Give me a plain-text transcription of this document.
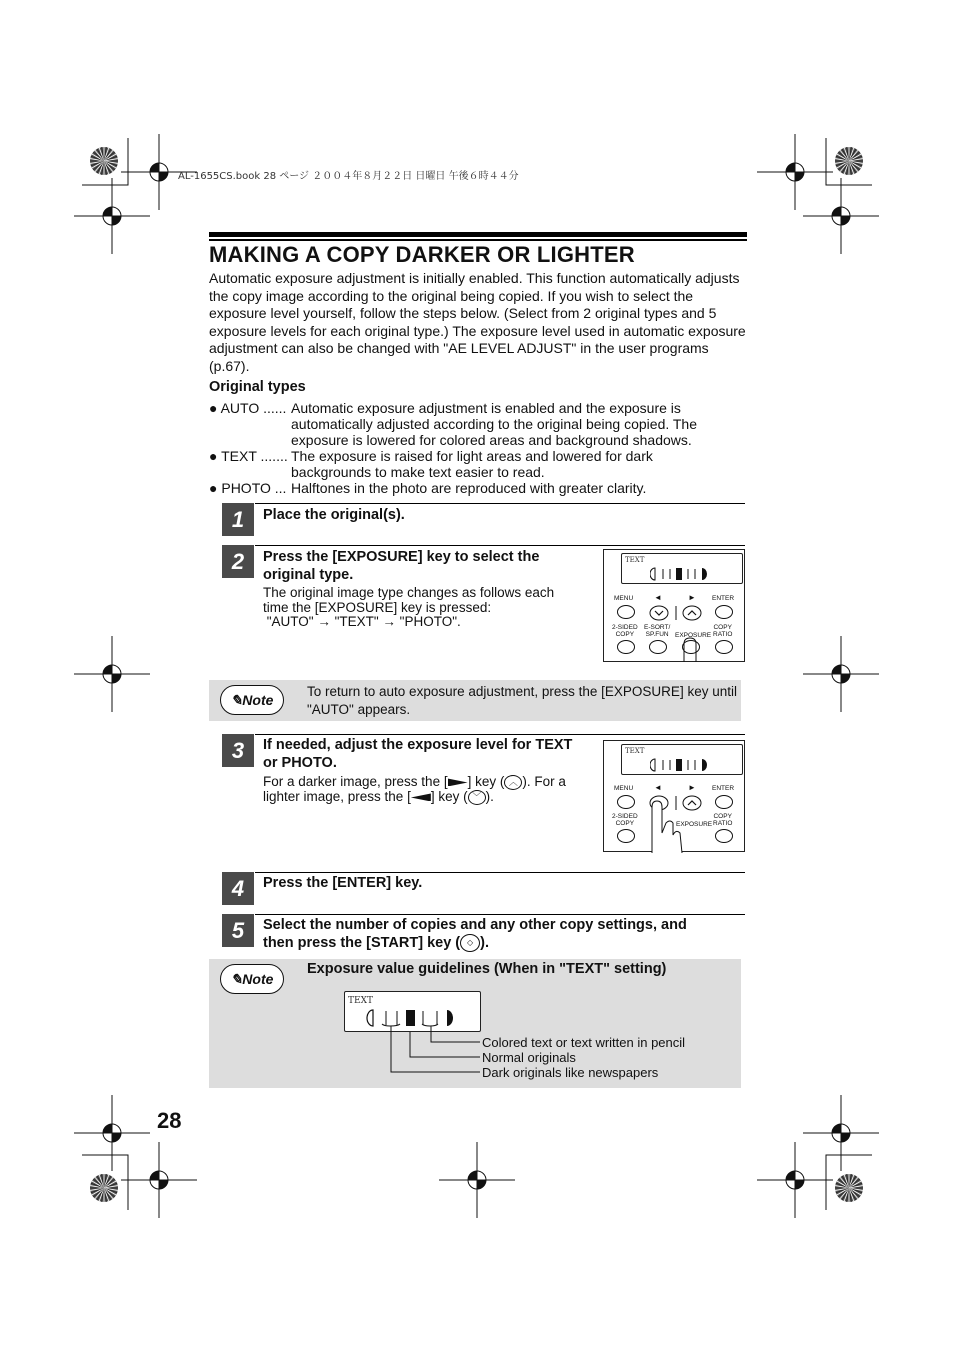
AL-1655CS.book 28 ページ ２００４年８月２２日 日曜日 午後６時４４分
MAKING A COPY DARKER OR LIGHTER
Automatic exposure adjustment is initially enabled. This function automatically adjusts the copy image according to the original being copied. If you wish to select the exposure level yourself, follow the steps below. (Select from 2 original types and 5 exposure levels for each original type.) The exposure level used in automatic exposure adjustment can also be changed with "AE LEVEL ADJUST" in the user programs (p.67).
Original types
● AUTO ...... Automatic exposure adjustment is enabled and the exposure is
automatically adjusted according to the original being copied. The
exposure is lowered for colored areas and background shadows.
● TEXT ....... The exposure is raised for light areas and lowered for dark
backgrounds to make text easier to read.
● PHOTO ... Halftones in the photo are reproduced with greater clarity.
1	Place the original(s).
2	Press the [EXPOSURE] key to select the original type.
The original image type changes as follows each
time the [EXPOSURE] key is pressed:
"AUTO" → "TEXT" → "PHOTO".
TEXT
MENU	◄	► ENTER
2-SIDED
COPY
E-SORT/
SP.FUN EXPOSURE
COPY
RATIO
✎ Note
To return to auto exposure adjustment, press the [EXPOSURE] key until "AUTO" appears.
3	If needed, adjust the exposure level for TEXT or PHOTO.
For a darker image, press the [ ] key ( ︿ ). For a
lighter image, press the [ ] key ( ﹀ ).
TEXT
MENU	◄	► ENTER
2-SIDED
COPY	EXPOSURE
COPY
RATIO
4	Press the [ENTER] key.
5	Select the number of copies and any other copy settings, and
then press the [START] key ( ◇ ).
✎ Note
Exposure value guidelines (When in "TEXT" setting)
TEXT
Colored text or text written in pencil
Normal originals
Dark originals like newspapers
28
